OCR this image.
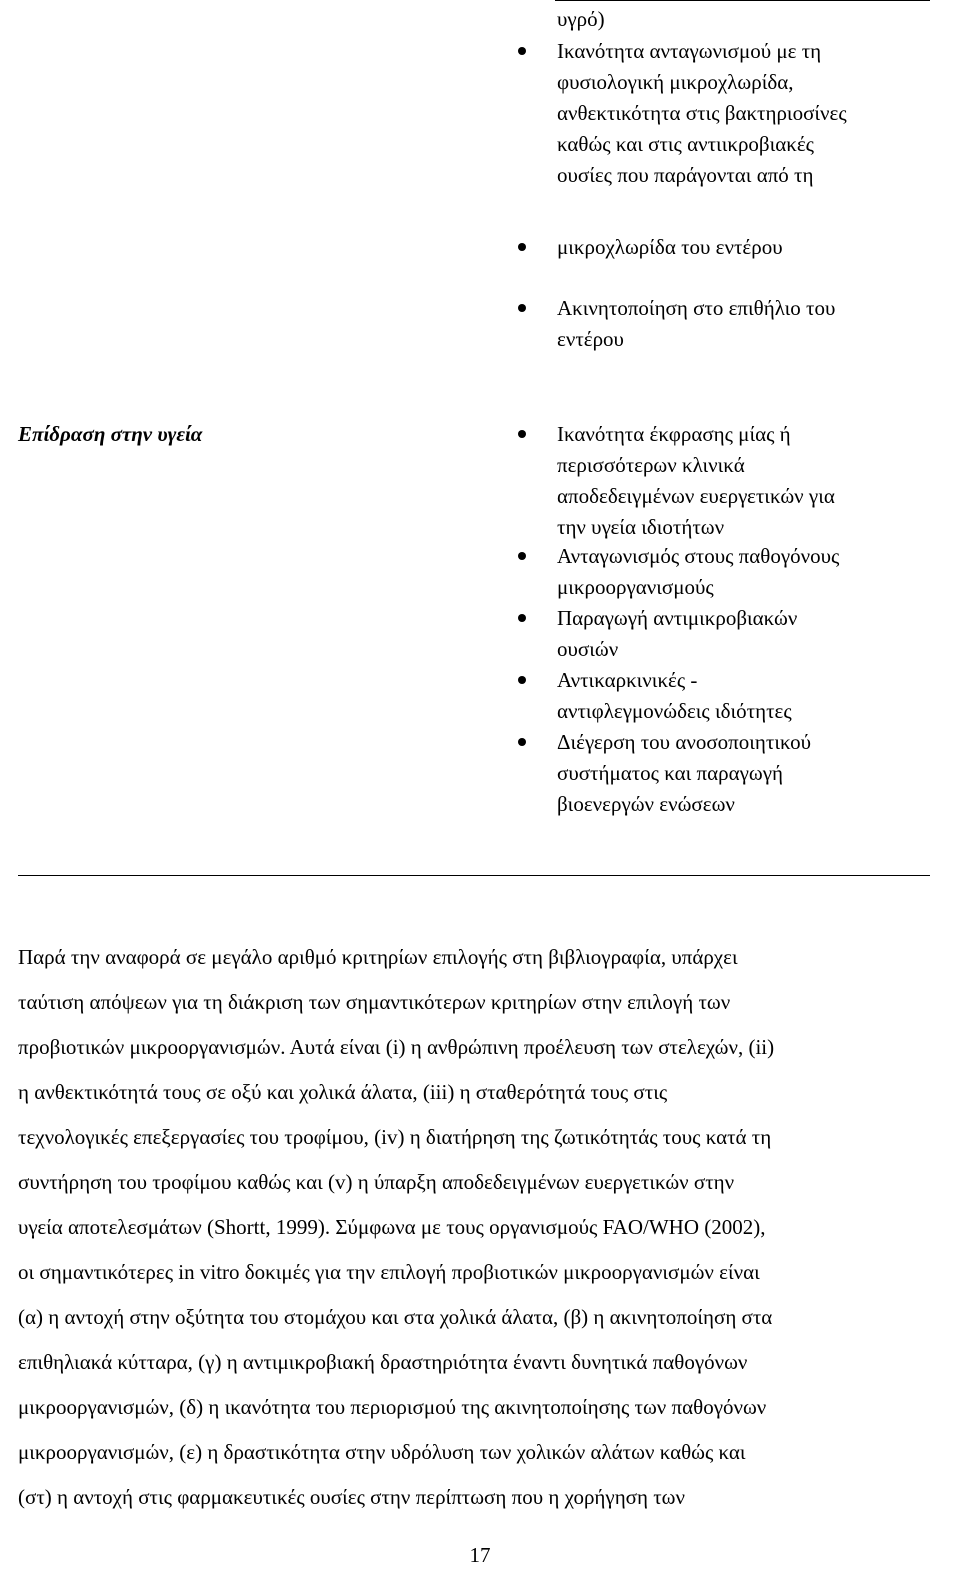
υγρό)
Ικανότητα ανταγωνισμού με τη
φυσιολογική μικροχλωρίδα,
ανθεκτικότητα στις βακτηριοσίνες
καθώς και στις αντιικροβιακές
ουσίες που παράγονται από τη
μικροχλωρίδα του εντέρου
Ακινητοποίηση στο επιθήλιο του
εντέρου
Επίδραση στην υγεία	Ικανότητα έκφρασης μίας ή
περισσότερων κλινικά
αποδεδειγμένων ευεργετικών για
την υγεία ιδιοτήτων
Ανταγωνισμός στους παθογόνους
μικροοργανισμούς
Παραγωγή αντιμικροβιακών
ουσιών
Αντικαρκινικές -
αντιφλεγμονώδεις ιδιότητες
Διέγερση του ανοσοποιητικού
συστήματος και παραγωγή
βιοενεργών ενώσεων
Παρά την αναφορά σε μεγάλο αριθμό κριτηρίων επιλογής στη βιβλιογραφία, υπάρχει
ταύτιση απόψεων για τη διάκριση των σημαντικότερων κριτηρίων στην επιλογή των
προβιοτικών μικροοργανισμών. Αυτά είναι (i) η ανθρώπινη προέλευση των στελεχών, (ii)
η ανθεκτικότητά τους σε οξύ και χολικά άλατα, (iii) η σταθερότητά τους στις
τεχνολογικές επεξεργασίες του τροφίμου, (iv) η διατήρηση της ζωτικότητάς τους κατά τη
συντήρηση του τροφίμου καθώς και (v) η ύπαρξη αποδεδειγμένων ευεργετικών στην
υγεία αποτελεσμάτων (Shortt, 1999). Σύμφωνα με τους οργανισμούς FAO/WHO (2002),
οι σημαντικότερες in vitro δοκιμές για την επιλογή προβιοτικών μικροοργανισμών είναι
(α) η αντοχή στην οξύτητα του στομάχου και στα χολικά άλατα, (β) η ακινητοποίηση στα
επιθηλιακά κύτταρα, (γ) η αντιμικροβιακή δραστηριότητα έναντι δυνητικά παθογόνων
μικροοργανισμών, (δ) η ικανότητα του περιορισμού της ακινητοποίησης των παθογόνων
μικροοργανισμών, (ε) η δραστικότητα στην υδρόλυση των χολικών αλάτων καθώς και
(στ) η αντοχή στις φαρμακευτικές ουσίες στην περίπτωση που η χορήγηση των
17
